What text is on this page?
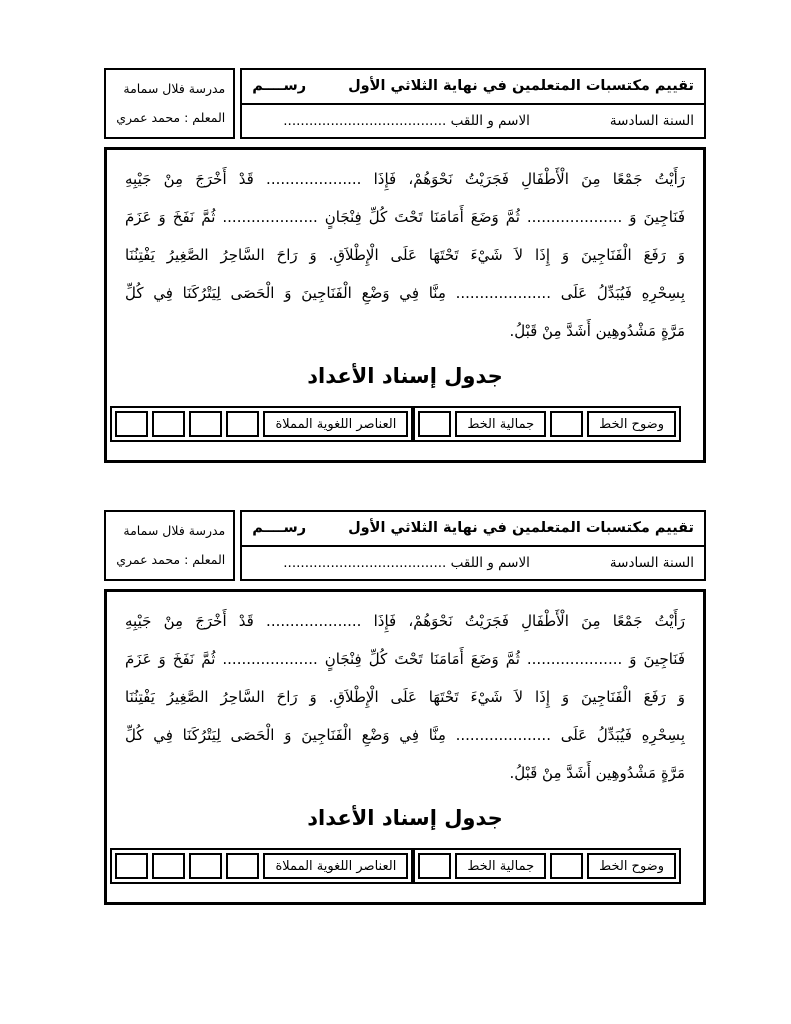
تقييم مكتسبات المتعلمين في نهاية الثلاثي الأول
رســــم
السنة السادسة
الاسم و اللقب ......................................
مدرسة فلال سمامة
المعلم : محمد عمري
رَأَيْتُ جَمْعًا مِنَ الْأَطْفَالِ فَجَرَيْتُ نَحْوَهُمْ، فَإِذَا .................... قَدْ أَخْرَجَ مِنْ جَيْبِهِ
فَنَاجِينَ وَ .................... ثُمَّ وَضَعَ أَمَامَنَا تَحْتَ كُلِّ فِنْجَانٍ .................... ثُمَّ نَفَخَ وَ عَزَمَ
وَ رَفَعَ الْفَنَاجِينَ وَ إِذَا لاَ شَيْءَ تَحْتَهَا عَلَى الْإِطْلاَقِ. وَ رَاحَ السَّاحِرُ الصَّغِيرُ يَفْتِنُنَا
بِسِحْرِهِ فَيُبَدِّلُ عَلَى .................... مِنَّا فِي وَضْعِ الْفَنَاجِينَ وَ الْحَصَى لِيَتْرُكَنَا فِي كُلِّ
مَرَّةٍ مَشْدُوهِين أَشَدَّ مِنْ قَبْلُ.
جدول إسناد الأعداد
وضوح الخط
جمالية الخط
العناصر اللغوية المملاة
تقييم مكتسبات المتعلمين في نهاية الثلاثي الأول
رســــم
السنة السادسة
الاسم و اللقب ......................................
مدرسة فلال سمامة
المعلم : محمد عمري
رَأَيْتُ جَمْعًا مِنَ الْأَطْفَالِ فَجَرَيْتُ نَحْوَهُمْ، فَإِذَا .................... قَدْ أَخْرَجَ مِنْ جَيْبِهِ
فَنَاجِينَ وَ .................... ثُمَّ وَضَعَ أَمَامَنَا تَحْتَ كُلِّ فِنْجَانٍ .................... ثُمَّ نَفَخَ وَ عَزَمَ
وَ رَفَعَ الْفَنَاجِينَ وَ إِذَا لاَ شَيْءَ تَحْتَهَا عَلَى الْإِطْلاَقِ. وَ رَاحَ السَّاحِرُ الصَّغِيرُ يَفْتِنُنَا
بِسِحْرِهِ فَيُبَدِّلُ عَلَى .................... مِنَّا فِي وَضْعِ الْفَنَاجِينَ وَ الْحَصَى لِيَتْرُكَنَا فِي كُلِّ
مَرَّةٍ مَشْدُوهِين أَشَدَّ مِنْ قَبْلُ.
جدول إسناد الأعداد
وضوح الخط
جمالية الخط
العناصر اللغوية المملاة
